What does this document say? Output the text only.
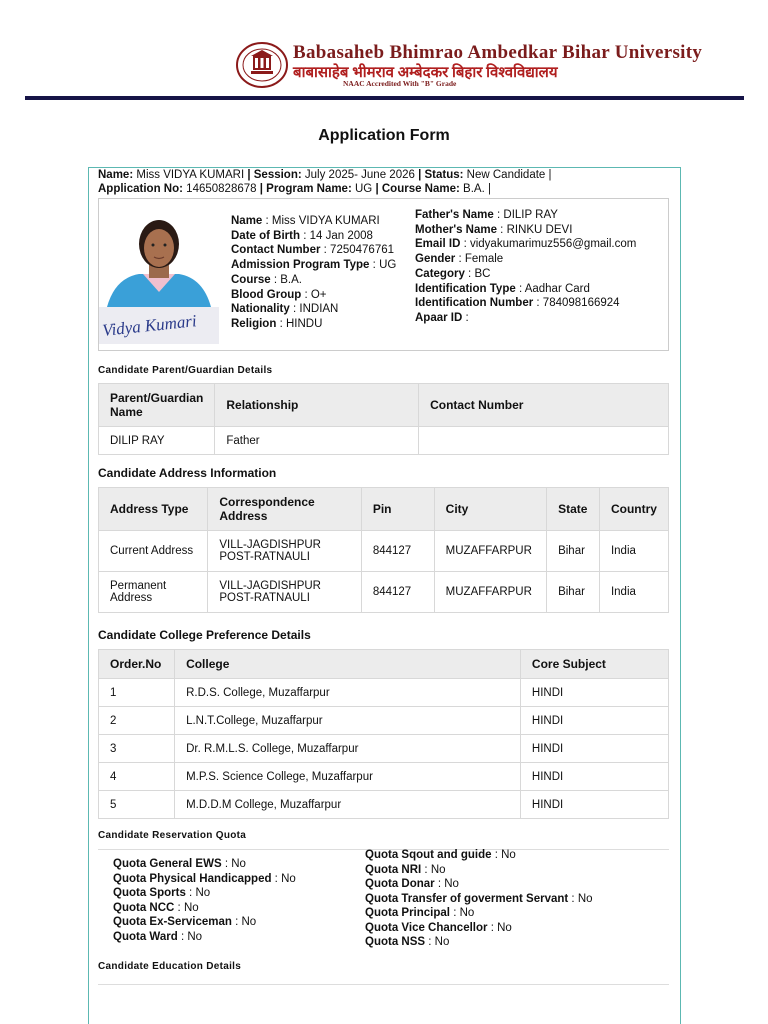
Babasaheb Bhimrao Ambedkar Bihar University
बाबासाहेब भीमराव अम्बेदकर बिहार विश्वविद्यालय
NAAC Accredited With "B" Grade
Application Form
Name: Miss VIDYA KUMARI | Session: July 2025- June 2026 | Status: New Candidate |
Application No: 14650828678 | Program Name: UG | Course Name: B.A. |
Vidya Kumari
Name : Miss VIDYA KUMARI
Date of Birth : 14 Jan 2008
Contact Number : 7250476761
Admission Program Type : UG
Course : B.A.
Blood Group : O+
Nationality : INDIAN
Religion : HINDU
Father's Name : DILIP RAY
Mother's Name : RINKU DEVI
Email ID : vidyakumarimuz556@gmail.com
Gender : Female
Category : BC
Identification Type : Aadhar Card
Identification Number : 784098166924
Apaar ID :
Candidate Parent/Guardian Details
Parent/Guardian Name	Relationship	Contact Number
DILIP RAY	Father	
Candidate Address Information
Address Type	Correspondence Address	Pin	City	State	Country
Current Address	VILL-JAGDISHPUR POST-RATNAULI	844127	MUZAFFARPUR	Bihar	India
Permanent Address	VILL-JAGDISHPUR POST-RATNAULI	844127	MUZAFFARPUR	Bihar	India
Candidate College Preference Details
Order.No	College	Core Subject
1	R.D.S. College, Muzaffarpur	HINDI
2	L.N.T.College, Muzaffarpur	HINDI
3	Dr. R.M.L.S. College, Muzaffarpur	HINDI
4	M.P.S. Science College, Muzaffarpur	HINDI
5	M.D.D.M College, Muzaffarpur	HINDI
Candidate Reservation Quota
Quota General EWS : No
Quota Physical Handicapped : No
Quota Sports : No
Quota NCC : No
Quota Ex-Serviceman : No
Quota Ward : No
Quota Sqout and guide : No
Quota NRI : No
Quota Donar : No
Quota Transfer of goverment Servant : No
Quota Principal : No
Quota Vice Chancellor : No
Quota NSS : No
Candidate Education Details
